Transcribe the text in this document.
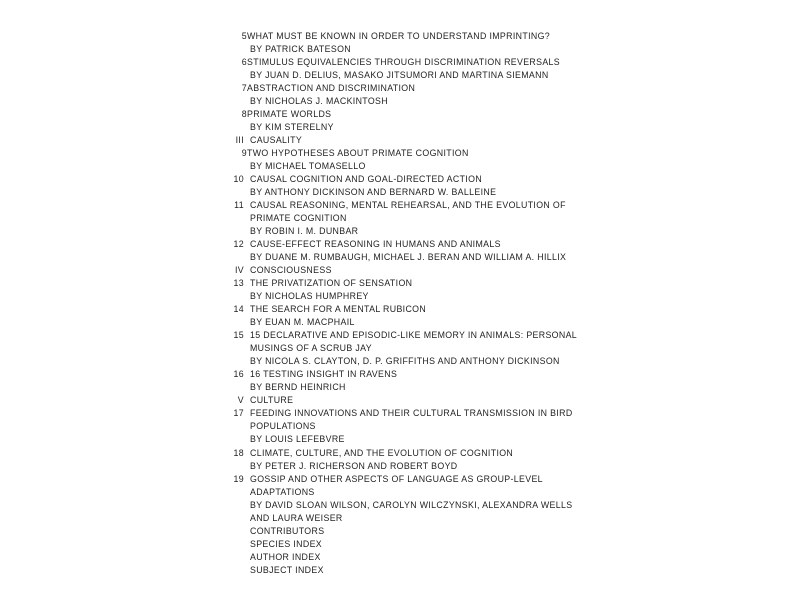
5 WHAT MUST BE KNOWN IN ORDER TO UNDERSTAND IMPRINTING?
BY PATRICK BATESON
6 STIMULUS EQUIVALENCIES THROUGH DISCRIMINATION REVERSALS
BY JUAN D. DELIUS, MASAKO JITSUMORI AND MARTINA SIEMANN
7 ABSTRACTION AND DISCRIMINATION
BY NICHOLAS J. MACKINTOSH
8 PRIMATE WORLDS
BY KIM STERELNY
III CAUSALITY
9 TWO HYPOTHESES ABOUT PRIMATE COGNITION
BY MICHAEL TOMASELLO
10 CAUSAL COGNITION AND GOAL-DIRECTED ACTION
BY ANTHONY DICKINSON AND BERNARD W. BALLEINE
11 CAUSAL REASONING, MENTAL REHEARSAL, AND THE EVOLUTION OF
PRIMATE COGNITION
BY ROBIN I. M. DUNBAR
12 CAUSE-EFFECT REASONING IN HUMANS AND ANIMALS
BY DUANE M. RUMBAUGH, MICHAEL J. BERAN AND WILLIAM A. HILLIX
IV CONSCIOUSNESS
13 THE PRIVATIZATION OF SENSATION
BY NICHOLAS HUMPHREY
14 THE SEARCH FOR A MENTAL RUBICON
BY EUAN M. MACPHAIL
15 15 DECLARATIVE AND EPISODIC-LIKE MEMORY IN ANIMALS: PERSONAL
MUSINGS OF A SCRUB JAY
BY NICOLA S. CLAYTON, D. P. GRIFFITHS AND ANTHONY DICKINSON
16 16 TESTING INSIGHT IN RAVENS
BY BERND HEINRICH
V CULTURE
17 FEEDING INNOVATIONS AND THEIR CULTURAL TRANSMISSION IN BIRD
POPULATIONS
BY LOUIS LEFEBVRE
18 CLIMATE, CULTURE, AND THE EVOLUTION OF COGNITION
BY PETER J. RICHERSON AND ROBERT BOYD
19 GOSSIP AND OTHER ASPECTS OF LANGUAGE AS GROUP-LEVEL
ADAPTATIONS
BY DAVID SLOAN WILSON, CAROLYN WILCZYNSKI, ALEXANDRA WELLS
AND LAURA WEISER
CONTRIBUTORS
SPECIES INDEX
AUTHOR INDEX
SUBJECT INDEX
